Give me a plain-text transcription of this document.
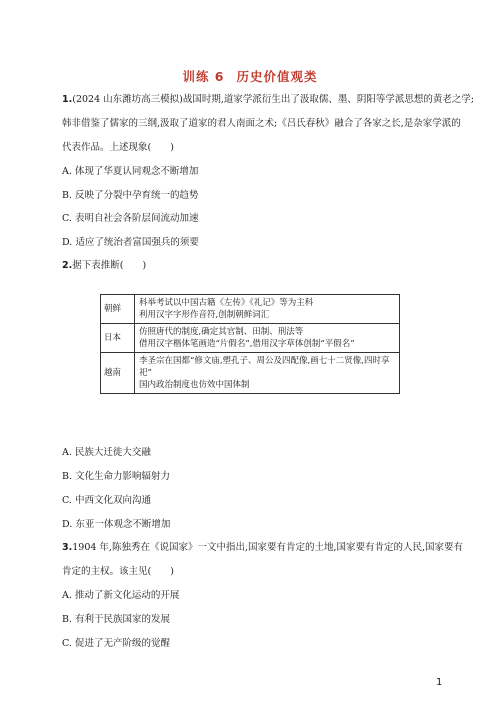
训练 6 历史价值观类
1.(2024 山东潍坊高三模拟)战国时期,道家学派衍生出了汲取儒、墨、阴阳等学派思想的黄老之学;
韩非借鉴了儒家的三纲,汲取了道家的君人南面之术;《吕氏春秋》融合了各家之长,是杂家学派的
代表作品。上述现象(　　)
A. 体现了华夏认同观念不断增加
B. 反映了分裂中孕育统一的趋势
C. 表明自社会各阶层间流动加速
D. 适应了统治者富国强兵的须要
2.据下表推断(　　)
朝鲜	科举考试以中国古籍《左传》《礼记》等为主科
利用汉字字形作音符,创制朝鲜词汇

日本	仿照唐代的制度,确定其官制、田制、刑法等
借用汉字楷体笔画造“片假名”,借用汉字草体创制“平假名”

越南	李圣宗在国都“修文庙,塑孔子、周公及四配像,画七十二贤像,四时享祀”
国内政治制度也仿效中国体制
A. 民族大迁徙大交融
B. 文化生命力影响辐射力
C. 中西文化双向沟通
D. 东亚一体观念不断增加
3.1904 年,陈独秀在《说国家》一文中指出,国家要有肯定的土地,国家要有肯定的人民,国家要有
肯定的主权。该主见(　　)
A. 推动了新文化运动的开展
B. 有利于民族国家的发展
C. 促进了无产阶级的觉醒
1
